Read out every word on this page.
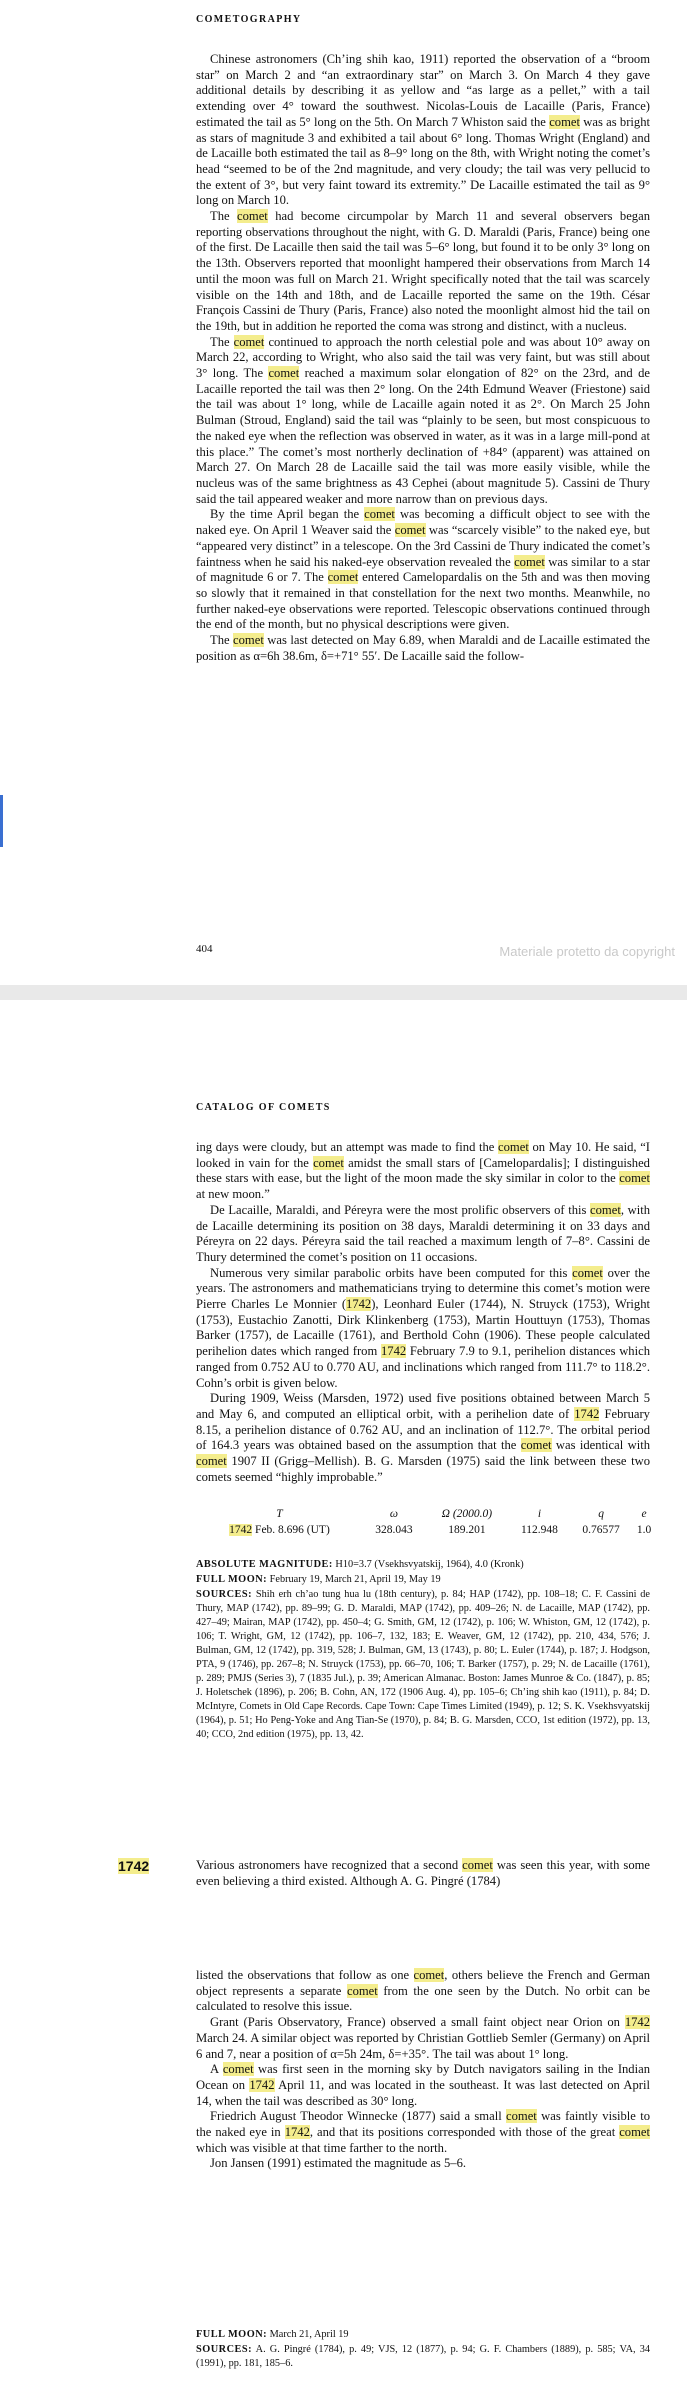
COMETOGRAPHY

Chinese astronomers (Ch’ing shih kao, 1911) reported the observation of a “broom star” on March 2 and “an extraordinary star” on March 3. On March 4 they gave additional details by describing it as yellow and “as large as a pellet,” with a tail extending over 4° toward the southwest. Nicolas-Louis de Lacaille (Paris, France) estimated the tail as 5° long on the 5th. On March 7 Whiston said the comet was as bright as stars of magnitude 3 and exhibited a tail about 6° long. Thomas Wright (England) and de Lacaille both estimated the tail as 8–9° long on the 8th, with Wright noting the comet’s head “seemed to be of the 2nd magnitude, and very cloudy; the tail was very pellucid to the extent of 3°, but very faint toward its extremity.” De Lacaille estimated the tail as 9° long on March 10.

The comet had become circumpolar by March 11 and several observers began reporting observations throughout the night, with G. D. Maraldi (Paris, France) being one of the first. De Lacaille then said the tail was 5–6° long, but found it to be only 3° long on the 13th. Observers reported that moonlight hampered their observations from March 14 until the moon was full on March 21. Wright specifically noted that the tail was scarcely visible on the 14th and 18th, and de Lacaille reported the same on the 19th. César François Cassini de Thury (Paris, France) also noted the moonlight almost hid the tail on the 19th, but in addition he reported the coma was strong and distinct, with a nucleus.

The comet continued to approach the north celestial pole and was about 10° away on March 22, according to Wright, who also said the tail was very faint, but was still about 3° long. The comet reached a maximum solar elongation of 82° on the 23rd, and de Lacaille reported the tail was then 2° long. On the 24th Edmund Weaver (Friestone) said the tail was about 1° long, while de Lacaille again noted it as 2°. On March 25 John Bulman (Stroud, England) said the tail was “plainly to be seen, but most conspicuous to the naked eye when the reflection was observed in water, as it was in a large mill-pond at this place.” The comet’s most northerly declination of +84° (apparent) was attained on March 27. On March 28 de Lacaille said the tail was more easily visible, while the nucleus was of the same brightness as 43 Cephei (about magnitude 5). Cassini de Thury said the tail appeared weaker and more narrow than on previous days.

By the time April began the comet was becoming a difficult object to see with the naked eye. On April 1 Weaver said the comet was “scarcely visible” to the naked eye, but “appeared very distinct” in a telescope. On the 3rd Cassini de Thury indicated the comet’s faintness when he said his naked-eye observation revealed the comet was similar to a star of magnitude 6 or 7. The comet entered Camelopardalis on the 5th and was then moving so slowly that it remained in that constellation for the next two months. Meanwhile, no further naked-eye observations were reported. Telescopic observations continued through the end of the month, but no physical descriptions were given.

The comet was last detected on May 6.89, when Maraldi and de Lacaille estimated the position as α=6h 38.6m, δ=+71° 55′. De Lacaille said the follow-

404	Materiale protetto da copyright
CATALOG OF COMETS

ing days were cloudy, but an attempt was made to find the comet on May 10. He said, “I looked in vain for the comet amidst the small stars of [Camelopardalis]; I distinguished these stars with ease, but the light of the moon made the sky similar in color to the comet at new moon.”

De Lacaille, Maraldi, and Péreyra were the most prolific observers of this comet, with de Lacaille determining its position on 38 days, Maraldi determining it on 33 days and Péreyra on 22 days. Péreyra said the tail reached a maximum length of 7–8°. Cassini de Thury determined the comet’s position on 11 occasions.

Numerous very similar parabolic orbits have been computed for this comet over the years. The astronomers and mathematicians trying to determine this comet’s motion were Pierre Charles Le Monnier (1742), Leonhard Euler (1744), N. Struyck (1753), Wright (1753), Eustachio Zanotti, Dirk Klinkenberg (1753), Martin Houttuyn (1753), Thomas Barker (1757), de Lacaille (1761), and Berthold Cohn (1906). These people calculated perihelion dates which ranged from 1742 February 7.9 to 9.1, perihelion distances which ranged from 0.752 AU to 0.770 AU, and inclinations which ranged from 111.7° to 118.2°. Cohn’s orbit is given below.

During 1909, Weiss (Marsden, 1972) used five positions obtained between March 5 and May 6, and computed an elliptical orbit, with a perihelion date of 1742 February 8.15, a perihelion distance of 0.762 AU, and an inclination of 112.7°. The orbital period of 164.3 years was obtained based on the assumption that the comet was identical with comet 1907 II (Grigg–Mellish). B. G. Marsden (1975) said the link between these two comets seemed “highly improbable.”

T	ω	Ω (2000.0)	i	q	e
1742 Feb. 8.696 (UT)	328.043	189.201	112.948	0.76577	1.0

ABSOLUTE MAGNITUDE: H10=3.7 (Vsekhsvyatskij, 1964), 4.0 (Kronk)

FULL MOON: February 19, March 21, April 19, May 19

SOURCES: Shih erh ch’ao tung hua lu (18th century), p. 84; HAP (1742), pp. 108–18; C. F. Cassini de Thury, MAP (1742), pp. 89–99; G. D. Maraldi, MAP (1742), pp. 409–26; N. de Lacaille, MAP (1742), pp. 427–49; Mairan, MAP (1742), pp. 450–4; G. Smith, GM, 12 (1742), p. 106; W. Whiston, GM, 12 (1742), p. 106; T. Wright, GM, 12 (1742), pp. 106–7, 132, 183; E. Weaver, GM, 12 (1742), pp. 210, 434, 576; J. Bulman, GM, 12 (1742), pp. 319, 528; J. Bulman, GM, 13 (1743), p. 80; L. Euler (1744), p. 187; J. Hodgson, PTA, 9 (1746), pp. 267–8; N. Struyck (1753), pp. 66–70, 106; T. Barker (1757), p. 29; N. de Lacaille (1761), p. 289; PMJS (Series 3), 7 (1835 Jul.), p. 39; American Almanac. Boston: James Munroe & Co. (1847), p. 85; J. Holetschek (1896), p. 206; B. Cohn, AN, 172 (1906 Aug. 4), pp. 105–6; Ch’ing shih kao (1911), p. 84; D. McIntyre, Comets in Old Cape Records. Cape Town: Cape Times Limited (1949), p. 12; S. K. Vsekhsvyatskij (1964), p. 51; Ho Peng-Yoke and Ang Tian-Se (1970), p. 84; B. G. Marsden, CCO, 1st edition (1972), pp. 13, 40; CCO, 2nd edition (1975), pp. 13, 42.

1742	Various astronomers have recognized that a second comet was seen this year, with some even believing a third existed. Although A. G. Pingré (1784)

listed the observations that follow as one comet, others believe the French and German object represents a separate comet from the one seen by the Dutch. No orbit can be calculated to resolve this issue.

Grant (Paris Observatory, France) observed a small faint object near Orion on 1742 March 24. A similar object was reported by Christian Gottlieb Semler (Germany) on April 6 and 7, near a position of α=5h 24m, δ=+35°. The tail was about 1° long.

A comet was first seen in the morning sky by Dutch navigators sailing in the Indian Ocean on 1742 April 11, and was located in the southeast. It was last detected on April 14, when the tail was described as 30° long.

Friedrich August Theodor Winnecke (1877) said a small comet was faintly visible to the naked eye in 1742, and that its positions corresponded with those of the great comet which was visible at that time farther to the north.

Jon Jansen (1991) estimated the magnitude as 5–6.

FULL MOON: March 21, April 19

SOURCES: A. G. Pingré (1784), p. 49; VJS, 12 (1877), p. 94; G. F. Chambers (1889), p. 585; VA, 34 (1991), pp. 181, 185–6.
